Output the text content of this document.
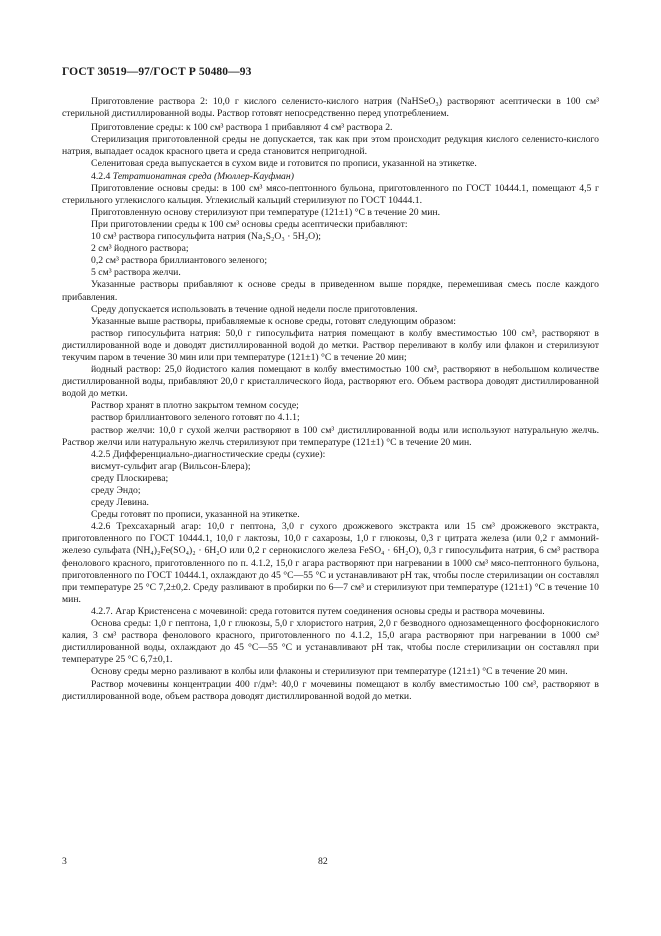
ГОСТ 30519—97/ГОСТ Р 50480—93

Приготовление раствора 2: 10,0 г кислого селенисто-кислого натрия (NaHSeO₃) растворяют асептически в 100 см³ стерильной дистиллированной воды. Раствор готовят непосредственно перед употреблением.

Приготовление среды: к 100 см³ раствора 1 прибавляют 4 см³ раствора 2.

Стерилизация приготовленной среды не допускается, так как при этом происходит редукция кислого селенисто-кислого натрия, выпадает осадок красного цвета и среда становится непригодной.

Селенитовая среда выпускается в сухом виде и готовится по прописи, указанной на этикетке.

4.2.4 Тетратионатная среда (Мюллер-Кауфман)

Приготовление основы среды: в 100 см³ мясо-пептонного бульона, приготовленного по ГОСТ 10444.1, помещают 4,5 г стерильного углекислого кальция. Углекислый кальций стерилизуют по ГОСТ 10444.1.

Приготовленную основу стерилизуют при температуре (121±1) °С в течение 20 мин.

При приготовлении среды к 100 см³ основы среды асептически прибавляют:

10 см³ раствора гипосульфита натрия (Na₂S₂O₃ · 5H₂O);

2 см³ йодного раствора;

0,2 см³ раствора бриллиантового зеленого;

5 см³ раствора желчи.

Указанные растворы прибавляют к основе среды в приведенном выше порядке, перемешивая смесь после каждого прибавления.

Среду допускается использовать в течение одной недели после приготовления.

Указанные выше растворы, прибавляемые к основе среды, готовят следующим образом:

раствор гипосульфита натрия: 50,0 г гипосульфита натрия помещают в колбу вместимостью 100 см³, растворяют в дистиллированной воде и доводят дистиллированной водой до метки. Раствор переливают в колбу или флакон и стерилизуют текучим паром в течение 30 мин или при температуре (121±1) °С в течение 20 мин;

йодный раствор: 25,0 йодистого калия помещают в колбу вместимостью 100 см³, растворяют в небольшом количестве дистиллированной воды, прибавляют 20,0 г кристаллического йода, растворяют его. Объем раствора доводят дистиллированной водой до метки.

Раствор хранят в плотно закрытом темном сосуде;

раствор бриллиантового зеленого готовят по 4.1.1;

раствор желчи: 10,0 г сухой желчи растворяют в 100 см³ дистиллированной воды или используют натуральную желчь. Раствор желчи или натуральную желчь стерилизуют при температуре (121±1) °С в течение 20 мин.

4.2.5 Дифференциально-диагностические среды (сухие):

висмут-сульфит агар (Вильсон-Блера);

среду Плоскирева;

среду Эндо;

среду Левина.

Среды готовят по прописи, указанной на этикетке.

4.2.6 Трехсахарный агар: 10,0 г пептона, 3,0 г сухого дрожжевого экстракта или 15 см³ дрожжевого экстракта, приготовленного по ГОСТ 10444.1, 10,0 г лактозы, 10,0 г сахарозы, 1,0 г глюкозы, 0,3 г цитрата железа (или 0,2 г аммоний-железо сульфата (NH₄)₂Fe(SO₄)₂ · 6H₂O или 0,2 г сернокислого железа FeSO₄ · 6H₂O), 0,3 г гипосульфита натрия, 6 см³ раствора фенолового красного, приготовленного по п. 4.1.2, 15,0 г агара растворяют при нагревании в 1000 см³ мясо-пептонного бульона, приготовленного по ГОСТ 10444.1, охлаждают до 45 °С—55 °С и устанавливают pH так, чтобы после стерилизации он составлял при температуре 25 °С 7,2±0,2. Среду разливают в пробирки по 6—7 см³ и стерилизуют при температуре (121±1) °С в течение 10 мин.

4.2.7. Агар Кристенсена с мочевиной: среда готовится путем соединения основы среды и раствора мочевины.

Основа среды: 1,0 г пептона, 1,0 г глюкозы, 5,0 г хлористого натрия, 2,0 г безводного однозамещенного фосфорнокислого калия, 3 см³ раствора фенолового красного, приготовленного по 4.1.2, 15,0 агара растворяют при нагревании в 1000 см³ дистиллированной воды, охлаждают до 45 °С—55 °С и устанавливают pH так, чтобы после стерилизации он составлял при температуре 25 °С 6,7±0,1.

Основу среды мерно разливают в колбы или флаконы и стерилизуют при температуре (121±1) °С в течение 20 мин.

Раствор мочевины концентрации 400 г/дм³: 40,0 г мочевины помещают в колбу вместимостью 100 см³, растворяют в дистиллированной воде, объем раствора доводят дистиллированной водой до метки.

3	82
